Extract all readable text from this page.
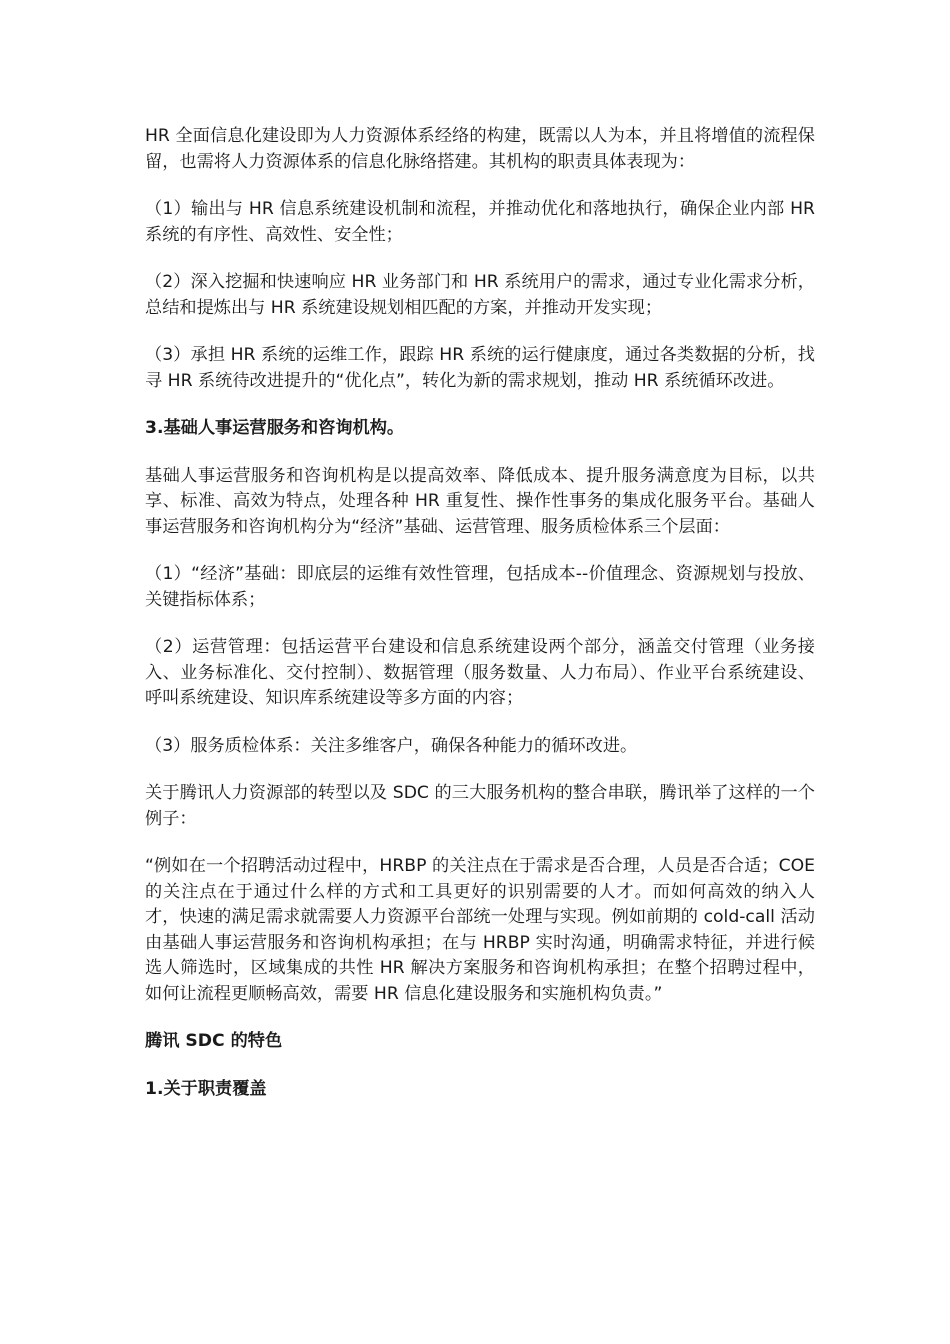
HR 全面信息化建设即为人力资源体系经络的构建，既需以人为本，并且将增值的流程保留，也需将人力资源体系的信息化脉络搭建。其机构的职责具体表现为：

（1）输出与 HR 信息系统建设机制和流程，并推动优化和落地执行，确保企业内部 HR 系统的有序性、高效性、安全性；

（2）深入挖掘和快速响应 HR 业务部门和 HR 系统用户的需求，通过专业化需求分析，总结和提炼出与 HR 系统建设规划相匹配的方案，并推动开发实现；

（3）承担 HR 系统的运维工作，跟踪 HR 系统的运行健康度，通过各类数据的分析，找寻 HR 系统待改进提升的“优化点”，转化为新的需求规划，推动 HR 系统循环改进。

3.基础人事运营服务和咨询机构。

基础人事运营服务和咨询机构是以提高效率、降低成本、提升服务满意度为目标，以共享、标准、高效为特点，处理各种 HR 重复性、操作性事务的集成化服务平台。基础人事运营服务和咨询机构分为“经济”基础、运营管理、服务质检体系三个层面：

（1）“经济”基础：即底层的运维有效性管理，包括成本--价值理念、资源规划与投放、关键指标体系；

（2）运营管理：包括运营平台建设和信息系统建设两个部分，涵盖交付管理（业务接入、业务标准化、交付控制）、数据管理（服务数量、人力布局）、作业平台系统建设、呼叫系统建设、知识库系统建设等多方面的内容；

（3）服务质检体系：关注多维客户，确保各种能力的循环改进。

关于腾讯人力资源部的转型以及 SDC 的三大服务机构的整合串联，腾讯举了这样的一个例子：

“例如在一个招聘活动过程中，HRBP 的关注点在于需求是否合理，人员是否合适；COE 的关注点在于通过什么样的方式和工具更好的识别需要的人才。而如何高效的纳入人才，快速的满足需求就需要人力资源平台部统一处理与实现。例如前期的 cold-call 活动由基础人事运营服务和咨询机构承担；在与 HRBP 实时沟通，明确需求特征，并进行候选人筛选时，区域集成的共性 HR 解决方案服务和咨询机构承担；在整个招聘过程中，如何让流程更顺畅高效，需要 HR 信息化建设服务和实施机构负责。”

腾讯 SDC 的特色

1.关于职责覆盖
